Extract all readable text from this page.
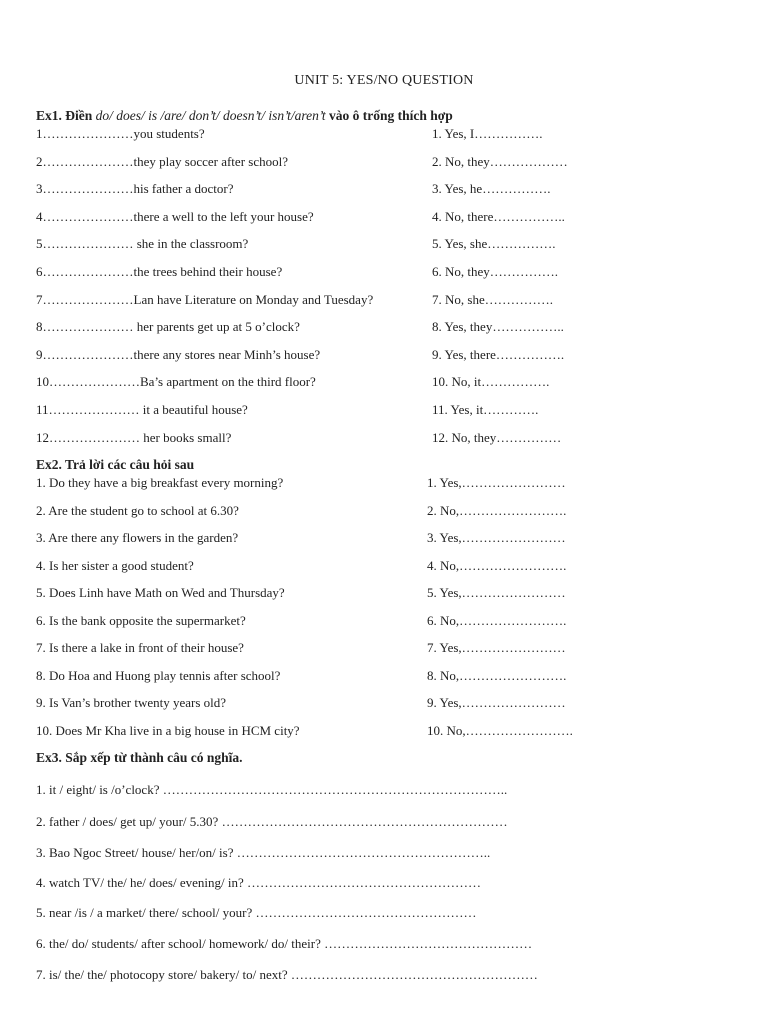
UNIT 5: YES/NO QUESTION
Ex1. Điền do/ does/ is /are/ don’t/ doesn’t/ isn’t/aren’t vào ô trống thích hợp
1…………………you students?	1. Yes, I…………….
2…………………they play soccer after school?	2. No, they………………
3…………………his father a doctor?	3. Yes, he…………….
4…………………there a well to the left your house?	4. No, there……………..
5………………… she in the classroom?	5. Yes, she…………….
6…………………the trees behind their house?	6. No, they…………….
7…………………Lan have Literature on Monday and Tuesday?	7. No, she…………….
8………………… her parents get up at 5 o’clock?	8. Yes, they……………..
9…………………there any stores near Minh’s house?	9. Yes, there…………….
10…………………Ba’s apartment on the third floor?	10. No, it…………….
11………………… it a beautiful house?	11. Yes, it………….
12………………… her books small?	12. No, they……………
Ex2. Trả lời các câu hỏi sau
1. Do they have a big breakfast every morning?	1. Yes,……………………
2. Are the student go to school at 6.30?	2. No,…………………….
3. Are there any flowers in the garden?	3. Yes,……………………
4. Is her sister a good student?	4. No,…………………….
5. Does Linh have Math on Wed and Thursday?	5. Yes,……………………
6. Is the bank opposite the supermarket?	6. No,…………………….
7. Is there a lake in front of their house?	7. Yes,……………………
8. Do Hoa and Huong play tennis after school?	8. No,…………………….
9. Is Van’s brother twenty years old?	9. Yes,……………………
10. Does Mr Kha live in a big house in HCM city?	10. No,…………………….
Ex3. Sắp xếp từ thành câu có nghĩa.
1. it / eight/ is /o’clock? ……………………………………………………………………..
2. father / does/ get up/ your/ 5.30? …………………………………………………………
3. Bao Ngoc Street/ house/ her/on/ is? …………………………………………………..
4. watch TV/ the/ he/ does/ evening/ in? ………………………………………………
5. near /is / a market/ there/ school/ your? ……………………………………………
6. the/ do/ students/ after school/ homework/ do/ their? …………………………………………
7. is/ the/ the/ photocopy store/ bakery/ to/ next? …………………………………………………
